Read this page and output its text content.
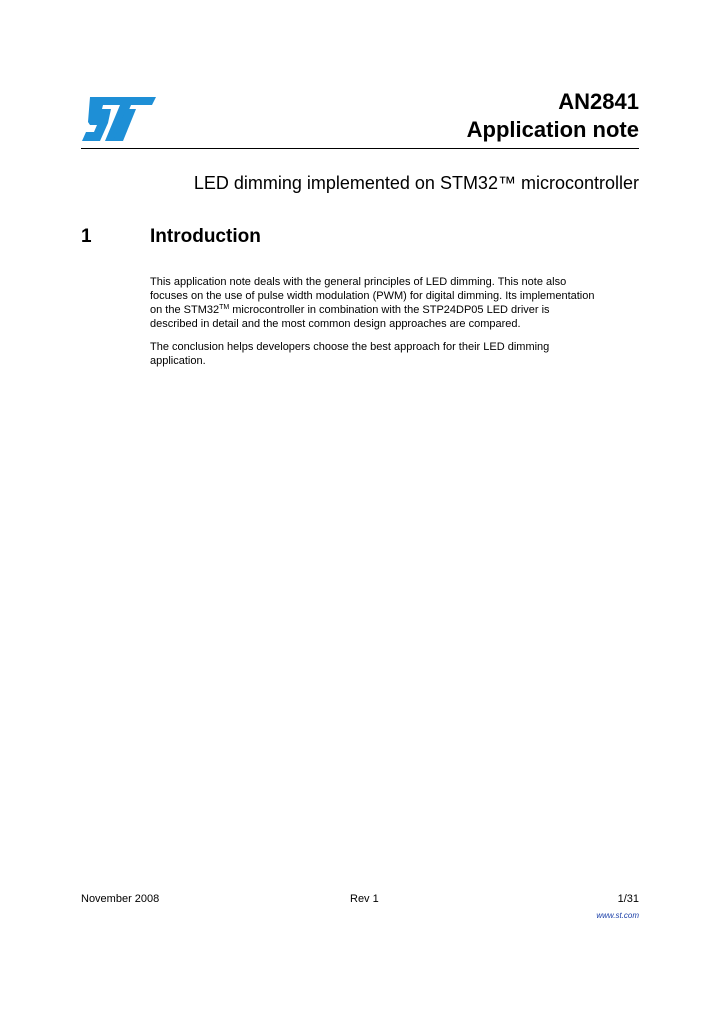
AN2841
Application note
LED dimming implemented on STM32™ microcontroller
1	Introduction
This application note deals with the general principles of LED dimming. This note also
focuses on the use of pulse width modulation (PWM) for digital dimming. Its implementation
on the STM32™ microcontroller in combination with the STP24DP05 LED driver is
described in detail and the most common design approaches are compared.
The conclusion helps developers choose the best approach for their LED dimming
application.
November 2008	Rev 1	1/31
www.st.com
